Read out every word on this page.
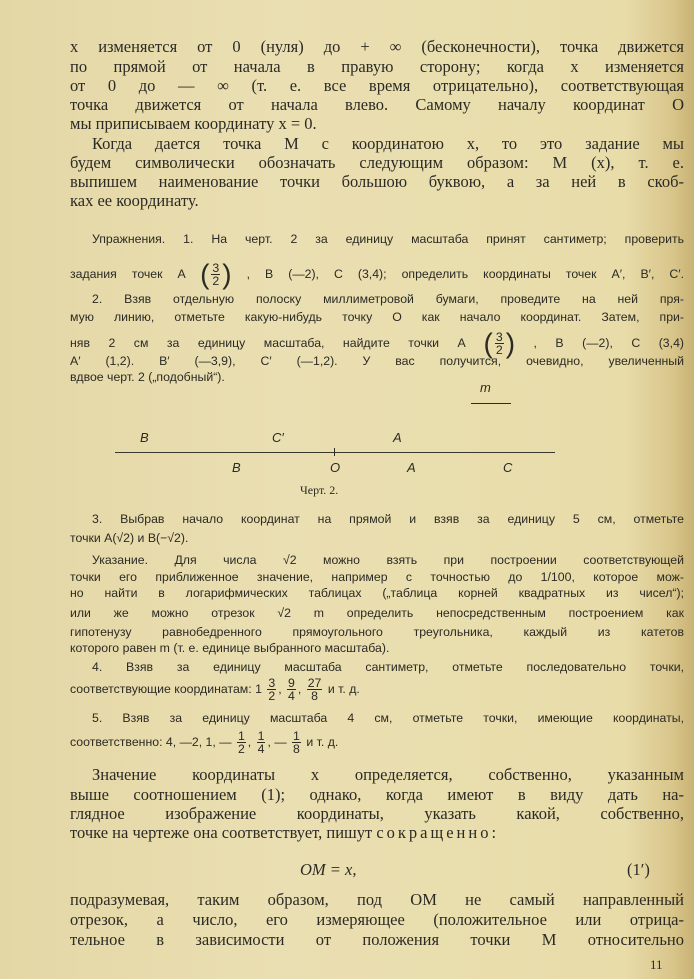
x изменяется от 0 (нуля) до + ∞ (бесконечности), точка движется
по прямой от начала в правую сторону; когда x изменяется
от 0 до — ∞ (т. е. все время отрицательно), соответствующая
точка движется от начала влево. Самому началу координат O
мы приписываем координату x = 0.
Когда дается точка M с координатою x, то это задание мы
будем символически обозначать следующим образом: M (x), т. е.
выпишем наименование точки большою буквою, а за ней в скоб-
ках ее координату.
Упражнения. 1. На черт. 2 за единицу масштаба принят сантиметр; проверить
задания точек A ( $\frac{3}{2}$ ) , B (—2), C (3,4); определить координаты точек A′, B′, C′.
2. Взяв отдельную полоску миллиметровой бумаги, проведите на ней пря-
мую линию, отметьте какую-нибудь точку O как начало координат. Затем, при-
няв 2 см за единицу масштаба, найдите точки A ( $\frac{3}{2}$ ) , B (—2), C (3,4)
A′ (1,2). B′ (—3,9), C′ (—1,2). У вас получится, очевидно, увеличенный
вдвое черт. 2 („подобный“).
m
B	C′	A
B	O	A	C
Черт. 2.
3. Выбрав начало координат на прямой и взяв за единицу 5 см, отметьте
точки A(√2) и B(−√2).
Указание. Для числа √2 можно взять при построении соответствующей
точки его приближенное значение, например с точностью до 1/100, которое мож-
но найти в логарифмических таблицах („таблица корней квадратных из чисел“);
или же можно отрезок √2 m определить непосредственным построением как
гипотенузу равнобедренного прямоугольного треугольника, каждый из катетов
которого равен m (т. е. единице выбранного масштаба).
4. Взяв за единицу масштаба сантиметр, отметьте последовательно точки,
соответствующие координатам: $1 \frac{3}{2}$ , $\frac{9}{4}$ , $\frac{27}{8}$ и т. д.
5. Взяв за единицу масштаба 4 см, отметьте точки, имеющие координаты,
соответственно: 4, —2, 1, — $\frac{1}{2}$ , $\frac{1}{4}$ , — $\frac{1}{8}$ и т. д.
Значение координаты x определяется, собственно, указанным
выше соотношением (1); однако, когда имеют в виду дать на-
глядное изображение координаты, указать какой, собственно,
точке на чертеже она соответствует, пишут сокращенно:
OM = x,	(1′)
подразумевая, таким образом, под OM не самый направленный
отрезок, а число, его измеряющее (положительное или отрица-
тельное в зависимости от положения точки M относительно
11
